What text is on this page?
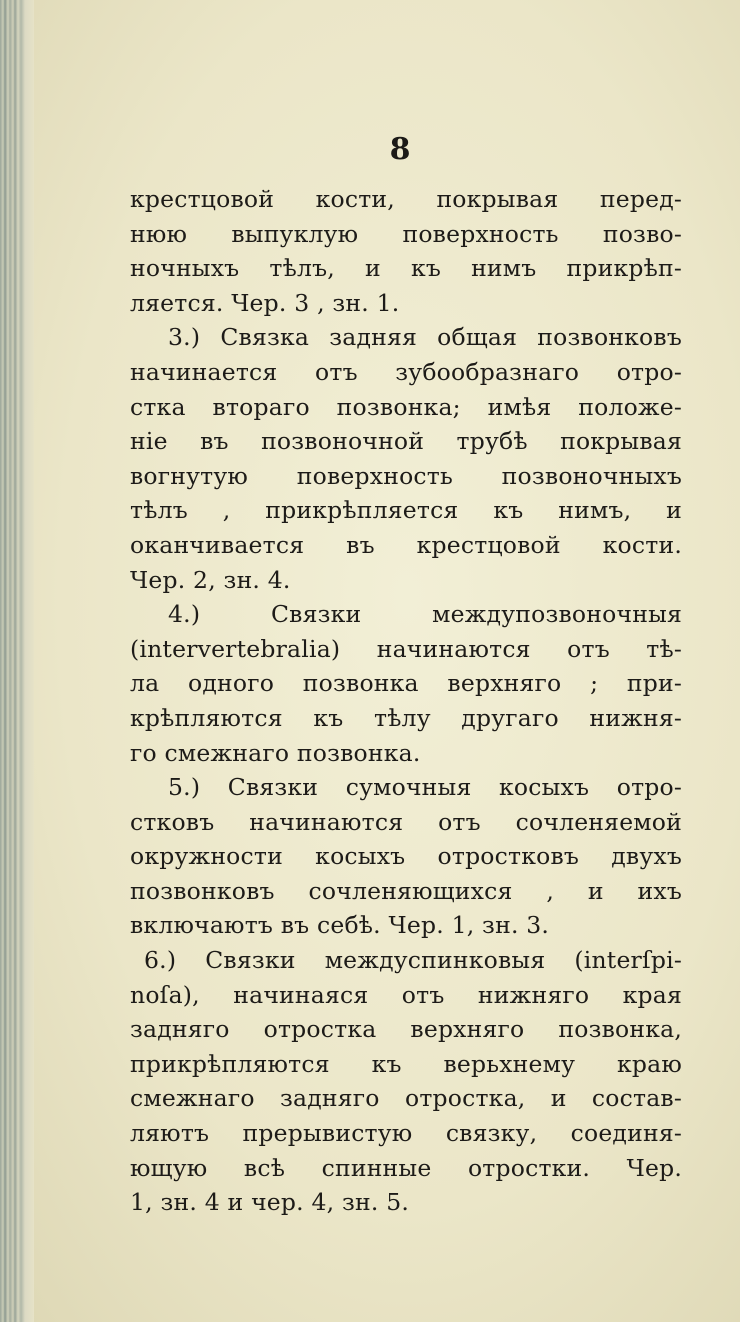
8
крестцовой кости, покрывая перед-
нюю выпуклую поверхность позво-
ночныхъ тѣлъ, и къ нимъ прикрѣп-
ляется. Чер. 3 , зн. 1.
3.) Связка задняя общая позвонковъ
начинается отъ зубообразнаго отро-
стка втораго позвонка; имѣя положе-
нiе въ позвоночной трубѣ покрывая
вогнутую поверхность позвоночныхъ
тѣлъ , прикрѣпляется къ нимъ, и
оканчивается въ крестцовой кости.
Чер. 2, зн. 4.
4.) Связки междупозвоночныя
(intervertebralia) начинаются отъ тѣ-
ла одного позвонка верхняго ; при-
крѣпляются къ тѣлу другаго нижня-
го смежнаго позвонка.
5.) Связки сумочныя косыхъ отро-
стковъ начинаются отъ сочленяемой
окружности косыхъ отростковъ двухъ
позвонковъ сочленяющихся , и ихъ
включаютъ въ себѣ. Чер. 1, зн. 3.
6.) Связки междуспинковыя (interſpi-
noſa), начинаяся отъ нижняго края
задняго отростка верхняго позвонка,
прикрѣпляются къ верьхнему краю
смежнаго задняго отростка, и состав-
ляютъ прерывистую связку, соединя-
ющую всѣ спинные отростки. Чер.
1, зн. 4 и чер. 4, зн. 5.
